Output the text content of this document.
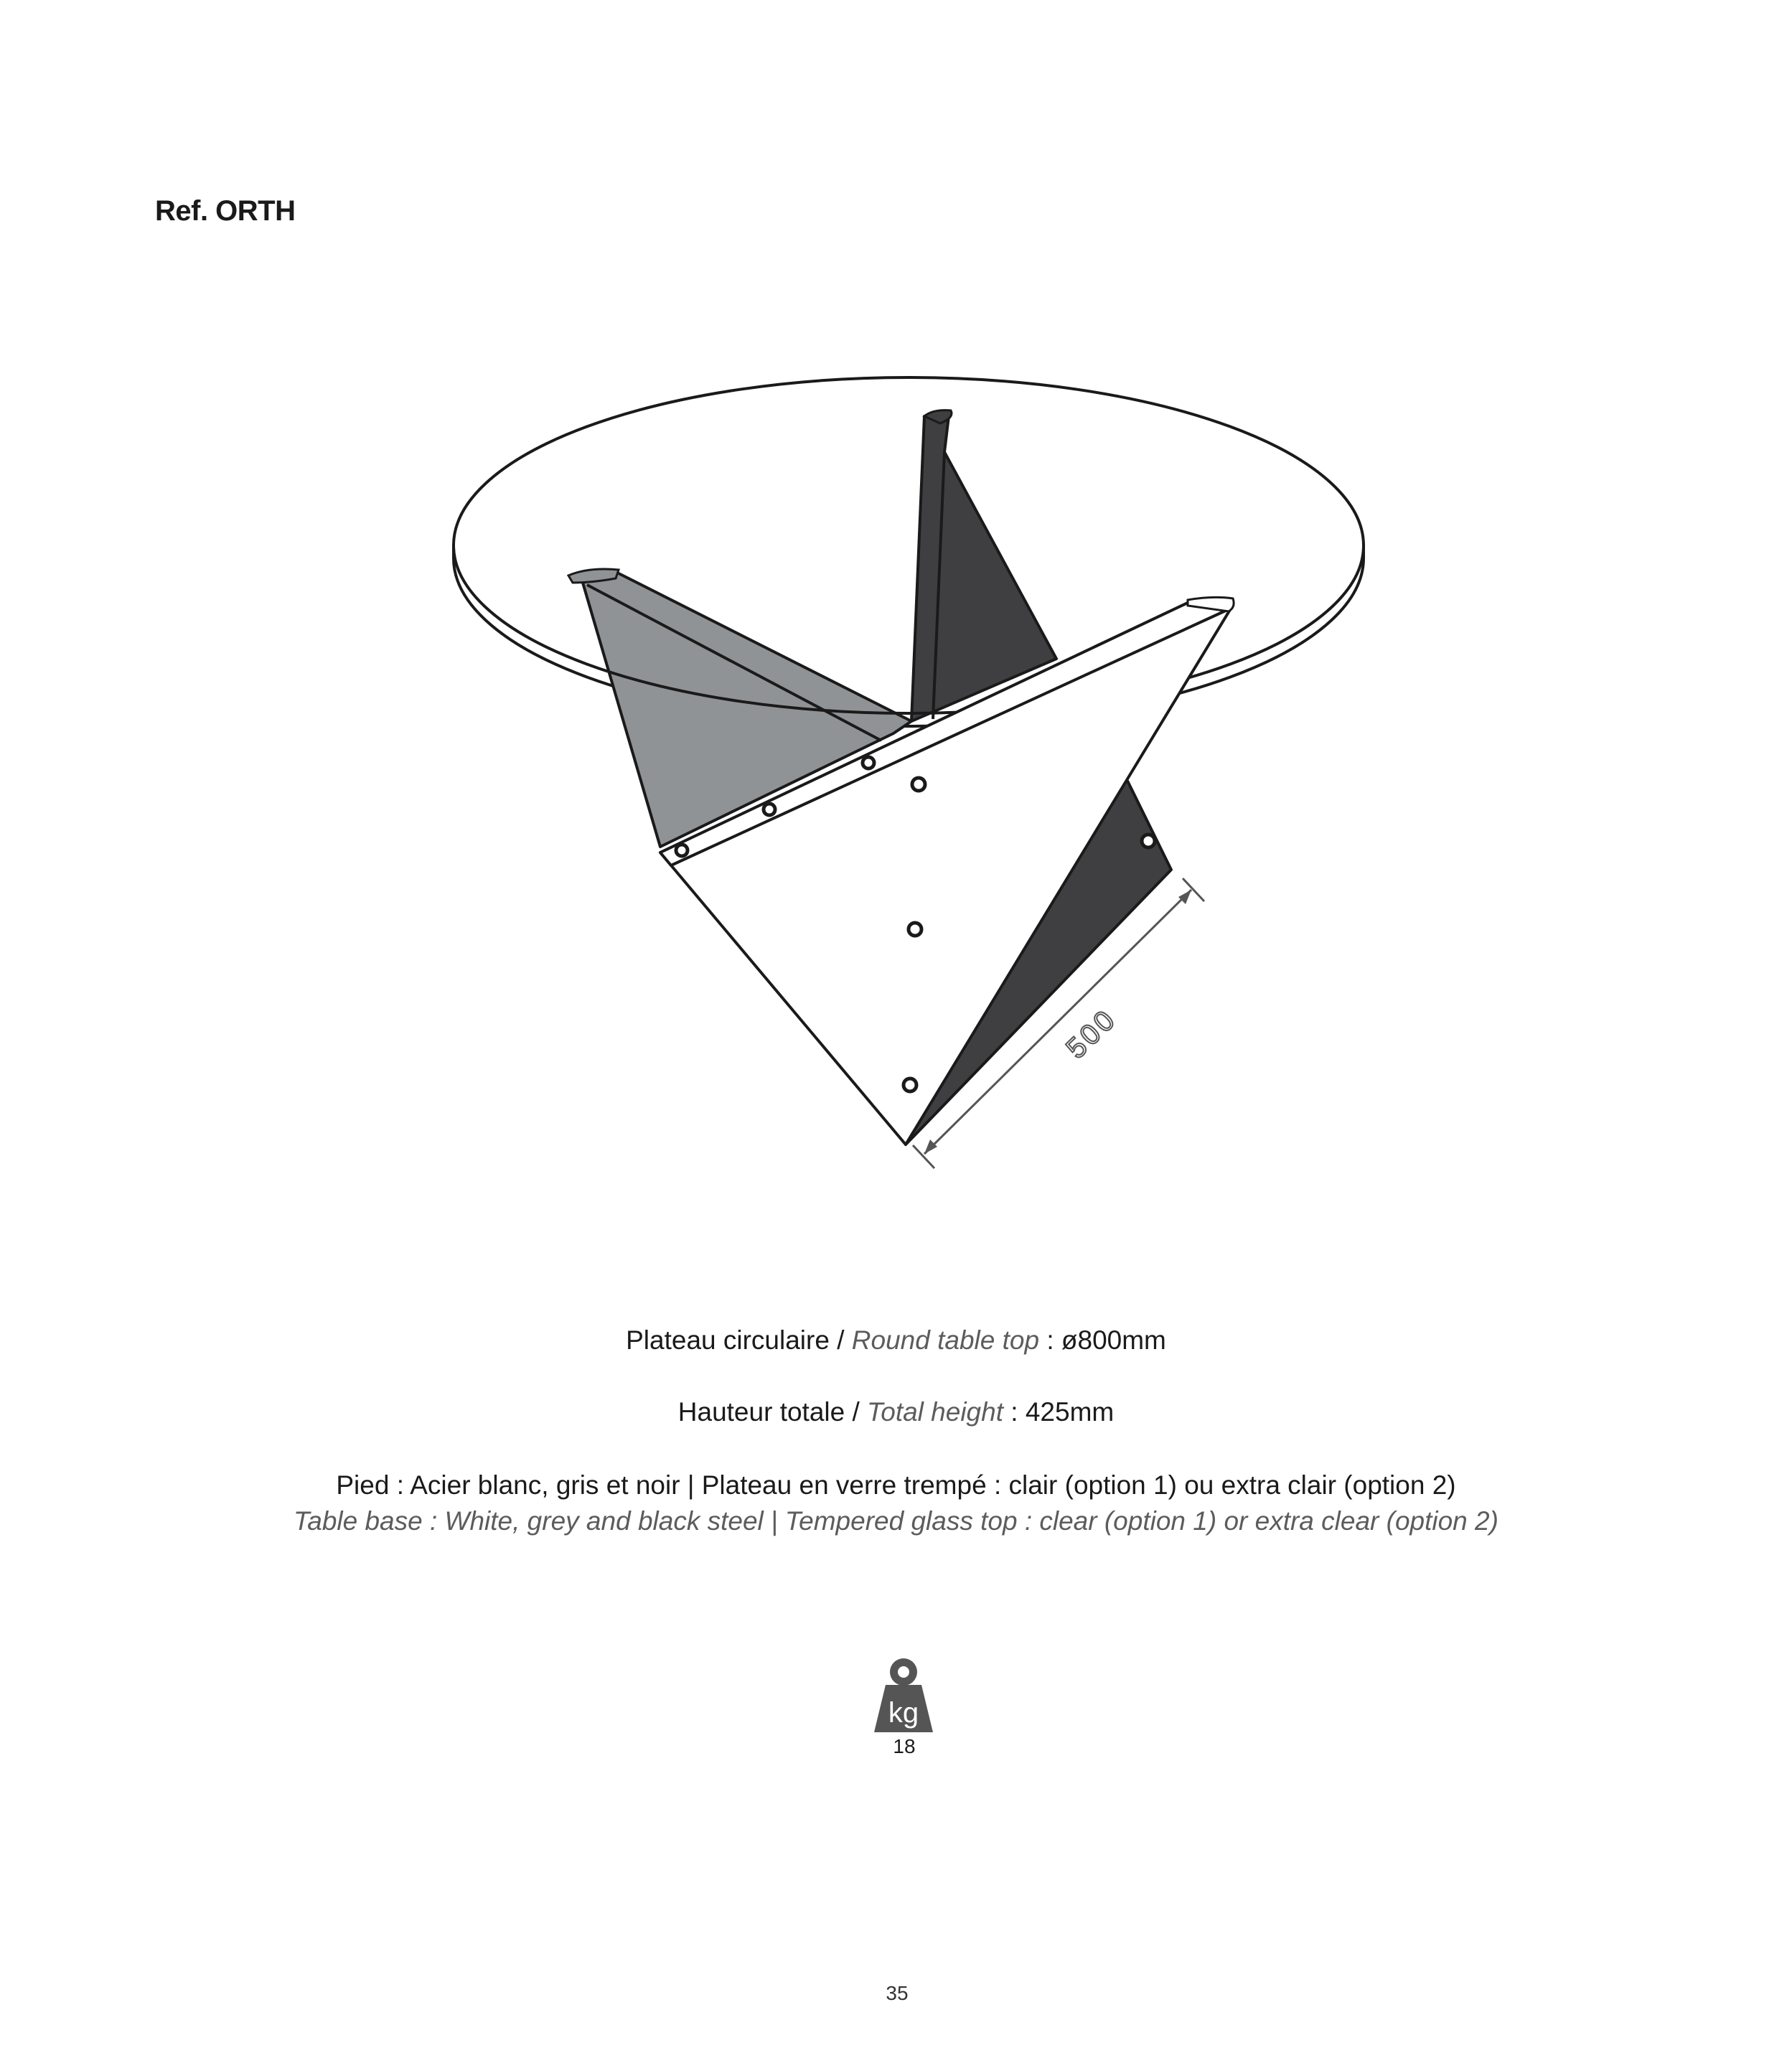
Ref. ORTH
500
Plateau circulaire / Round table top : ø800mm
Hauteur totale / Total height : 425mm
Pied : Acier blanc, gris et noir | Plateau en verre trempé : clair (option 1) ou extra clair (option 2)
Table base : White, grey and black steel | Tempered glass top : clear (option 1) or extra clear (option 2)
kg
18
35
